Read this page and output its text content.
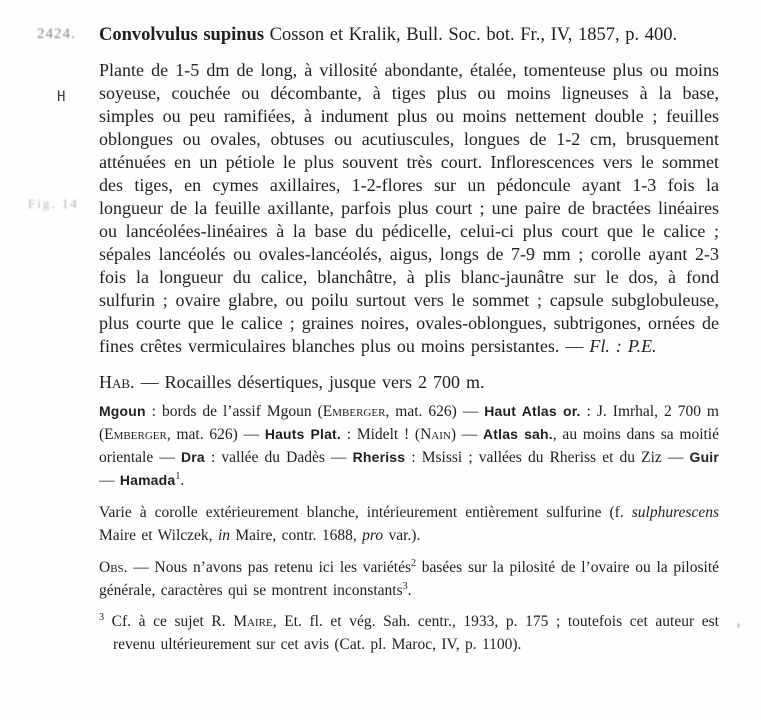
2424.
H
Fig. 14

Convolvulus supinus Cosson et Kralik, Bull. Soc. bot. Fr., IV, 1857, p. 400.

Plante de 1-5 dm de long, à villosité abondante, étalée, tomenteuse plus ou moins soyeuse, couchée ou décombante, à tiges plus ou moins ligneuses à la base, simples ou peu ramifiées, à indument plus ou moins nettement double ; feuilles oblongues ou ovales, obtuses ou acutiuscules, longues de 1-2 cm, brusquement atténuées en un pétiole le plus souvent très court. Inflorescences vers le sommet des tiges, en cymes axillaires, 1-2-flores sur un pédoncule ayant 1-3 fois la longueur de la feuille axillante, parfois plus court ; une paire de bractées linéaires ou lancéolées-linéaires à la base du pédicelle, celui-ci plus court que le calice ; sépales lancéolés ou ovales-lancéolés, aigus, longs de 7-9 mm ; corolle ayant 2-3 fois la longueur du calice, blanchâtre, à plis blanc-jaunâtre sur le dos, à fond sulfurin ; ovaire glabre, ou poilu surtout vers le sommet ; capsule subglobuleuse, plus courte que le calice ; graines noires, ovales-oblongues, subtrigones, ornées de fines crêtes vermiculaires blanches plus ou moins persistantes. — Fl. : P.E.

Hab. — Rocailles désertiques, jusque vers 2 700 m.

Mgoun : bords de l’assif Mgoun (Emberger, mat. 626) — Haut Atlas or. : J. Imrhal, 2 700 m (Emberger, mat. 626) — Hauts Plat. : Midelt ! (Nain) — Atlas sah., au moins dans sa moitié orientale — Dra : vallée du Dadès — Rheriss : Msissi ; vallées du Rheriss et du Ziz — Guir — Hamada$^1$.

Varie à corolle extérieurement blanche, intérieurement entièrement sulfurine (f. sulphurescens Maire et Wilczek, in Maire, contr. 1688, pro var.).

Obs. — Nous n’avons pas retenu ici les variétés$^2$ basées sur la pilosité de l’ovaire ou la pilosité générale, caractères qui se montrent inconstants$^3$.

$^3$ Cf. à ce sujet R. Maire, Et. fl. et vég. Sah. centr., 1933, p. 175 ; toutefois cet auteur est revenu ultérieurement sur cet avis (Cat. pl. Maroc, IV, p. 1100).
